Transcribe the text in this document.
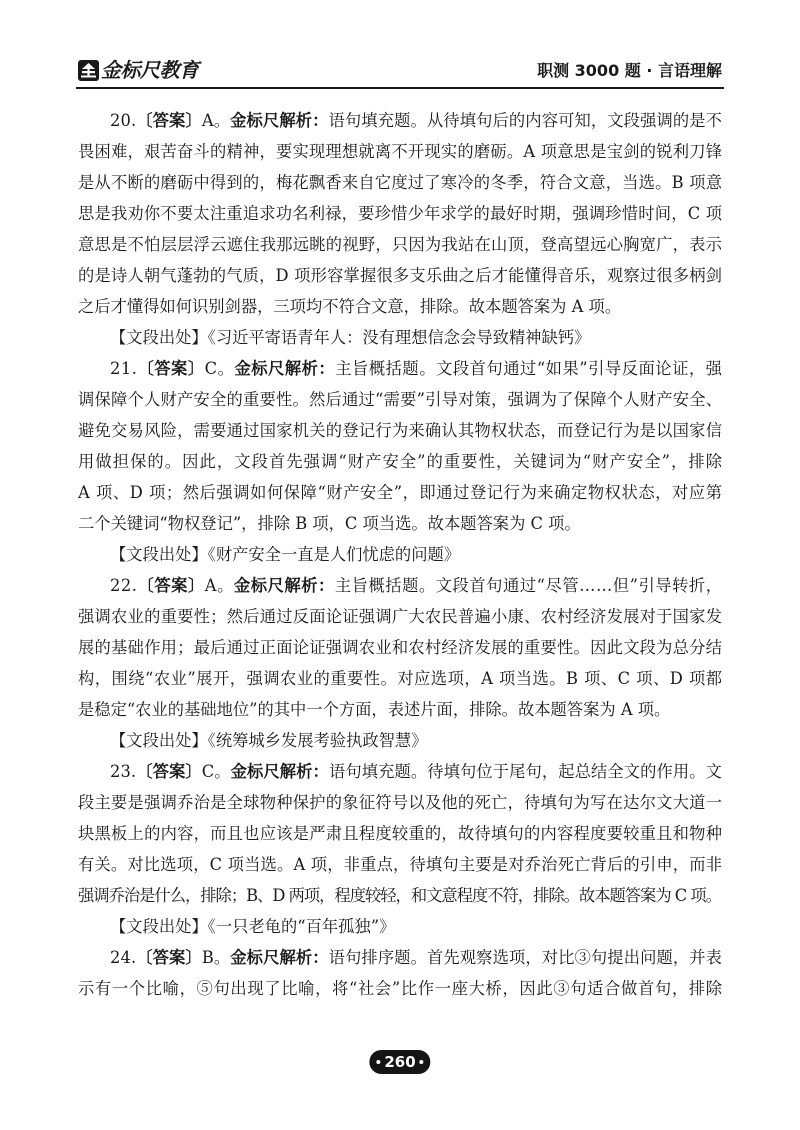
金标尺教育	职测 3000 题 · 言语理解
20.〔答案〕A。金标尺解析：语句填充题。从待填句后的内容可知，文段强调的是不
畏困难，艰苦奋斗的精神，要实现理想就离不开现实的磨砺。A 项意思是宝剑的锐利刀锋
是从不断的磨砺中得到的，梅花飘香来自它度过了寒冷的冬季，符合文意，当选。B 项意
思是我劝你不要太注重追求功名利禄，要珍惜少年求学的最好时期，强调珍惜时间，C 项
意思是不怕层层浮云遮住我那远眺的视野，只因为我站在山顶，登高望远心胸宽广，表示
的是诗人朝气蓬勃的气质，D 项形容掌握很多支乐曲之后才能懂得音乐，观察过很多柄剑
之后才懂得如何识别剑器，三项均不符合文意，排除。故本题答案为 A 项。
【文段出处】《习近平寄语青年人：没有理想信念会导致精神缺钙》
21.〔答案〕C。金标尺解析：主旨概括题。文段首句通过“如果”引导反面论证，强
调保障个人财产安全的重要性。然后通过“需要”引导对策，强调为了保障个人财产安全、
避免交易风险，需要通过国家机关的登记行为来确认其物权状态，而登记行为是以国家信
用做担保的。因此，文段首先强调“财产安全”的重要性，关键词为“财产安全”，排除
A 项、D 项；然后强调如何保障“财产安全”，即通过登记行为来确定物权状态，对应第
二个关键词“物权登记”，排除 B 项，C 项当选。故本题答案为 C 项。
【文段出处】《财产安全一直是人们忧虑的问题》
22.〔答案〕A。金标尺解析：主旨概括题。文段首句通过“尽管……但”引导转折，
强调农业的重要性；然后通过反面论证强调广大农民普遍小康、农村经济发展对于国家发
展的基础作用；最后通过正面论证强调农业和农村经济发展的重要性。因此文段为总分结
构，围绕“农业”展开，强调农业的重要性。对应选项，A 项当选。B 项、C 项、D 项都
是稳定“农业的基础地位”的其中一个方面，表述片面，排除。故本题答案为 A 项。
【文段出处】《统筹城乡发展考验执政智慧》
23.〔答案〕C。金标尺解析：语句填充题。待填句位于尾句，起总结全文的作用。文
段主要是强调乔治是全球物种保护的象征符号以及他的死亡，待填句为写在达尔文大道一
块黑板上的内容，而且也应该是严肃且程度较重的，故待填句的内容程度要较重且和物种
有关。对比选项，C 项当选。A 项，非重点，待填句主要是对乔治死亡背后的引申，而非
强调乔治是什么，排除；B、D 两项，程度较轻，和文意程度不符，排除。故本题答案为 C 项。
【文段出处】《一只老龟的“百年孤独”》
24.〔答案〕B。金标尺解析：语句排序题。首先观察选项，对比③句提出问题，并表
示有一个比喻，⑤句出现了比喻，将“社会”比作一座大桥，因此③句适合做首句，排除
260
